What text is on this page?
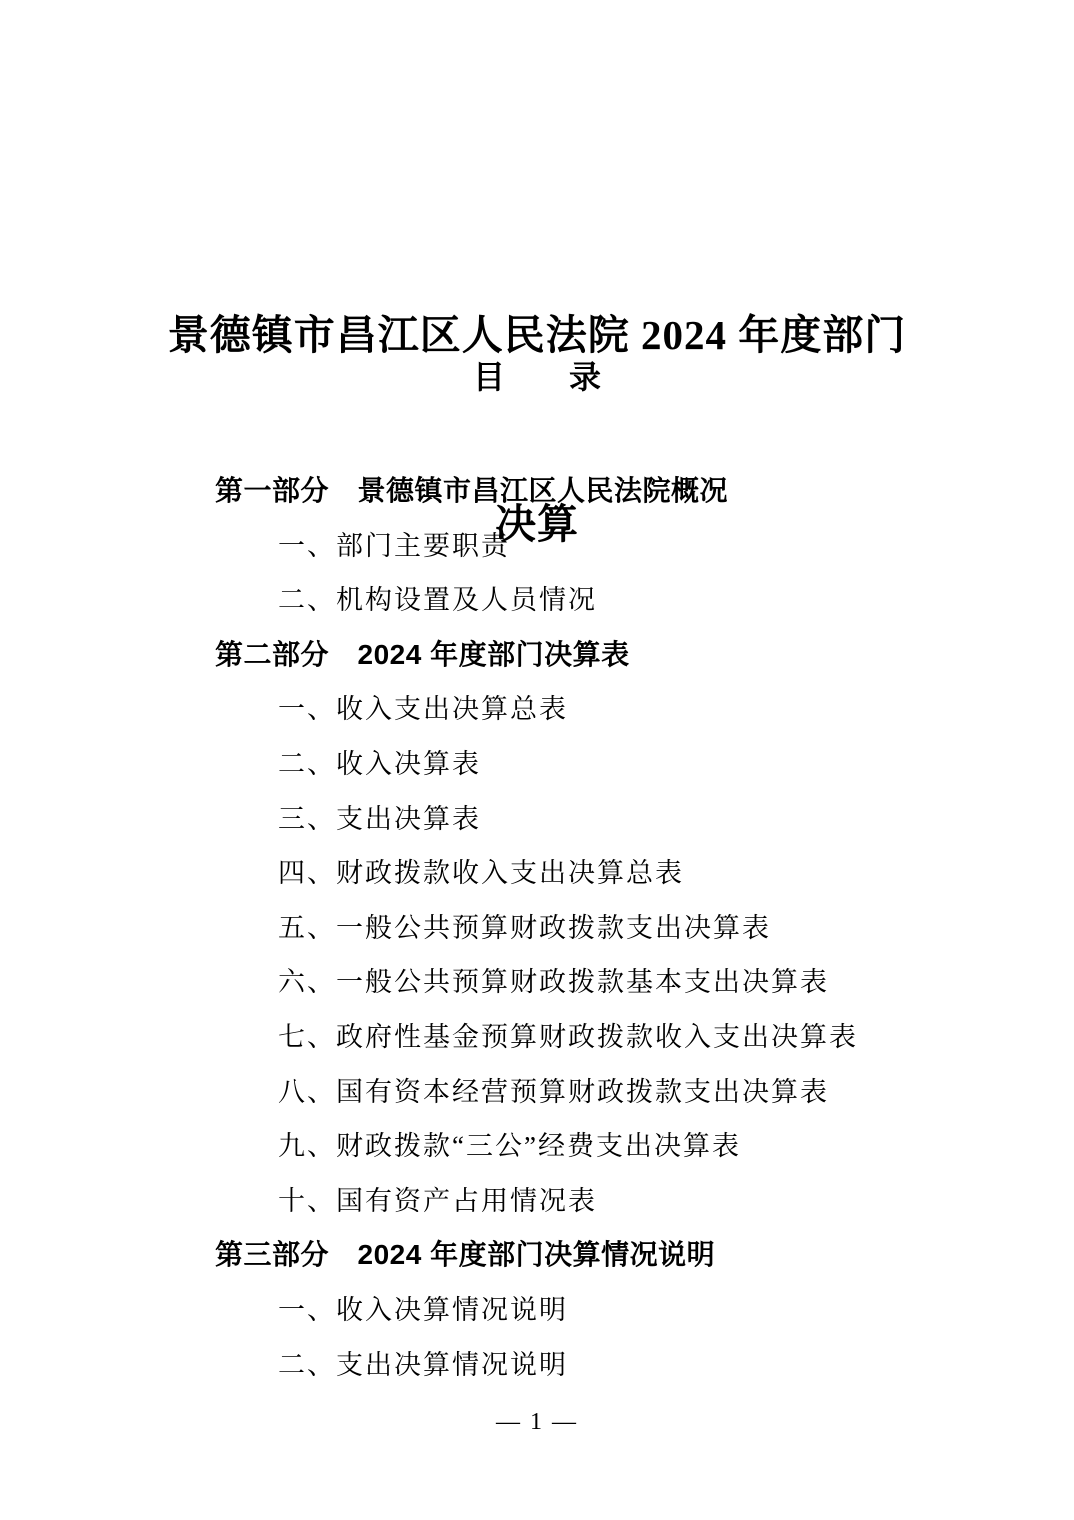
景德镇市昌江区人民法院 2024 年度部门

决算

目　　录
第一部分　景德镇市昌江区人民法院概况
一、部门主要职责
二、机构设置及人员情况
第二部分　2024 年度部门决算表
一、收入支出决算总表
二、收入决算表
三、支出决算表
四、财政拨款收入支出决算总表
五、一般公共预算财政拨款支出决算表
六、一般公共预算财政拨款基本支出决算表
七、政府性基金预算财政拨款收入支出决算表
八、国有资本经营预算财政拨款支出决算表
九、财政拨款“三公”经费支出决算表
十、国有资产占用情况表
第三部分　2024 年度部门决算情况说明
一、收入决算情况说明
二、支出决算情况说明
— 1 —
